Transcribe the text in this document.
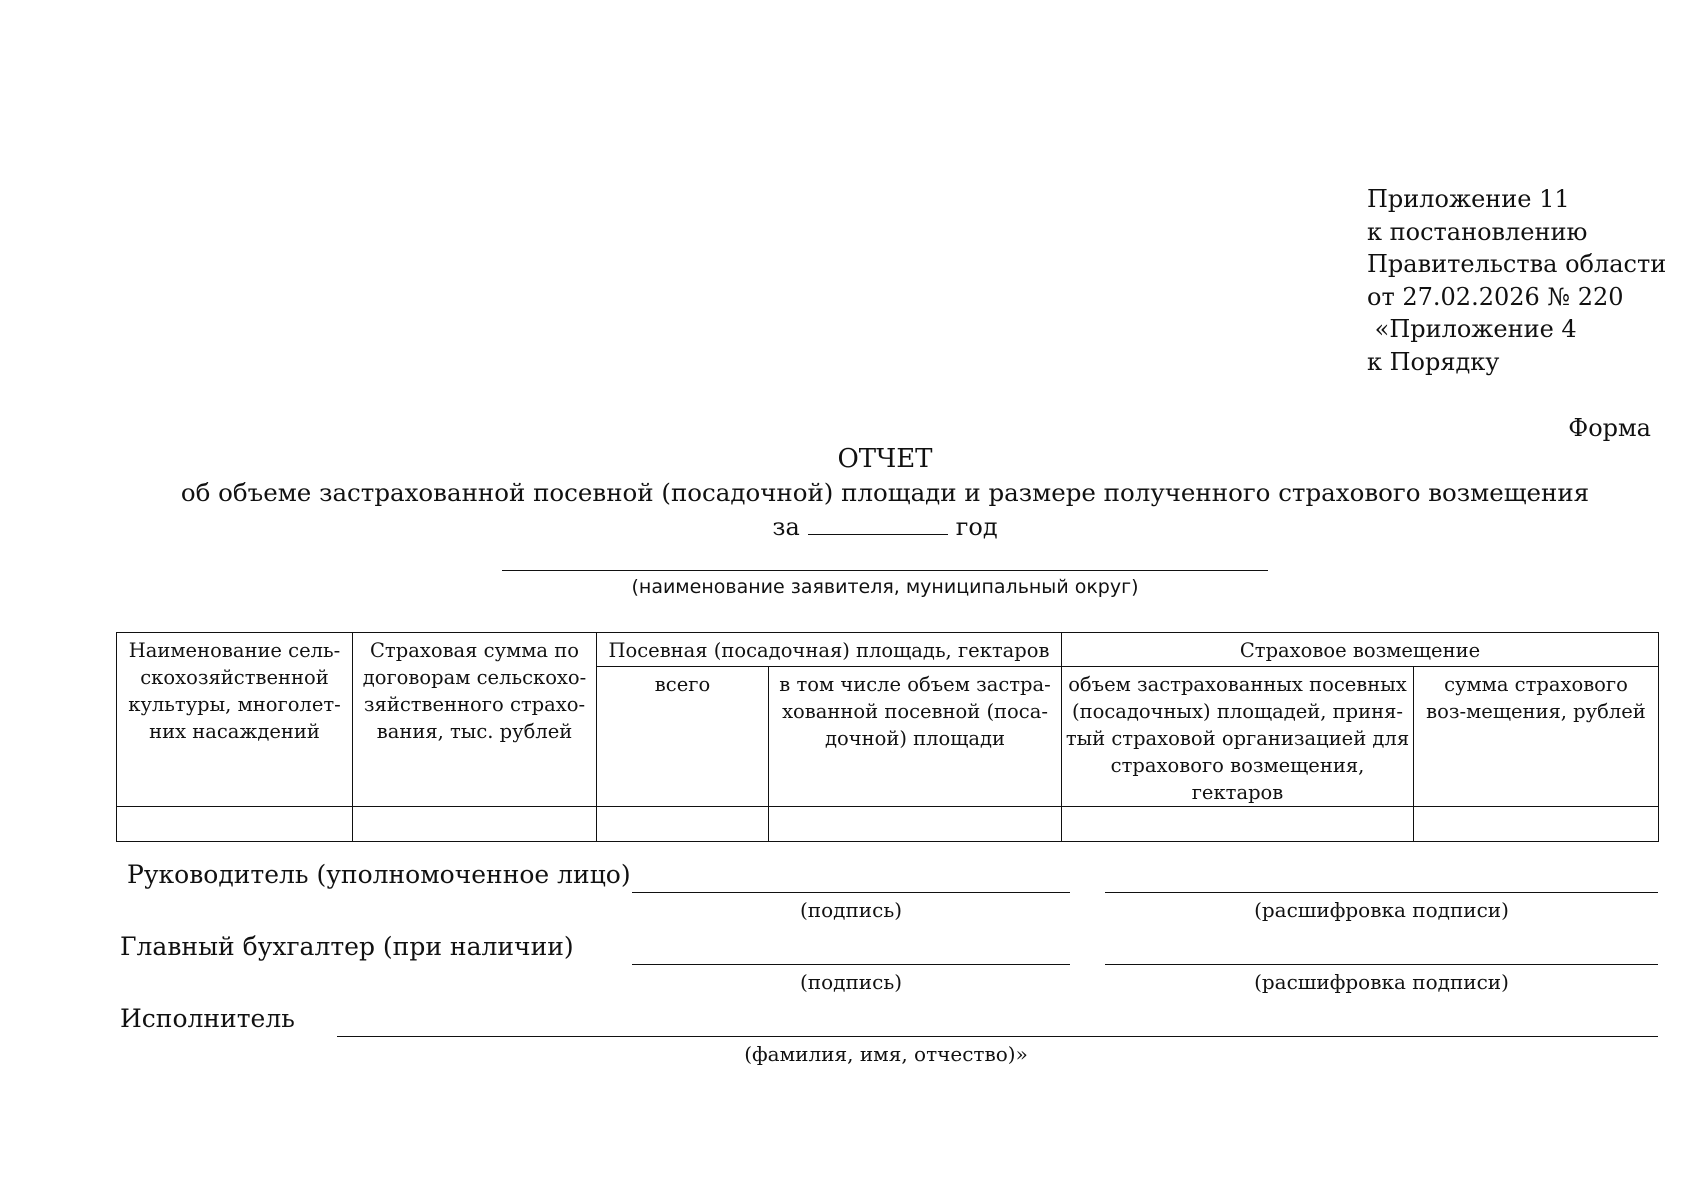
Приложение 11
к постановлению
Правительства области
от 27.02.2026 № 220
«Приложение 4
к Порядку
Форма
ОТЧЕТ
об объеме застрахованной посевной (посадочной) площади и размере полученного страхового возмещения
за	год
(наименование заявителя, муниципальный округ)
Наименование сель-скохозяйственной культуры, многолет-них насаждений	Страховая сумма по договорам сельскохо-зяйственного страхо-вания, тыс. рублей	Посевная (посадочная) площадь, гектаров		Страховое возмещение	
		всего	в том числе объем застра-хованной посевной (поса-дочной) площади	объем застрахованных посевных (посадочных) площадей, приня-тый страховой организацией для страхового возмещения, гектаров	сумма страхового воз-мещения, рублей

Руководитель (уполномоченное лицо)
(подпись)	(расшифровка подписи)
Главный бухгалтер (при наличии)
(подпись)	(расшифровка подписи)
Исполнитель
(фамилия, имя, отчество)»
